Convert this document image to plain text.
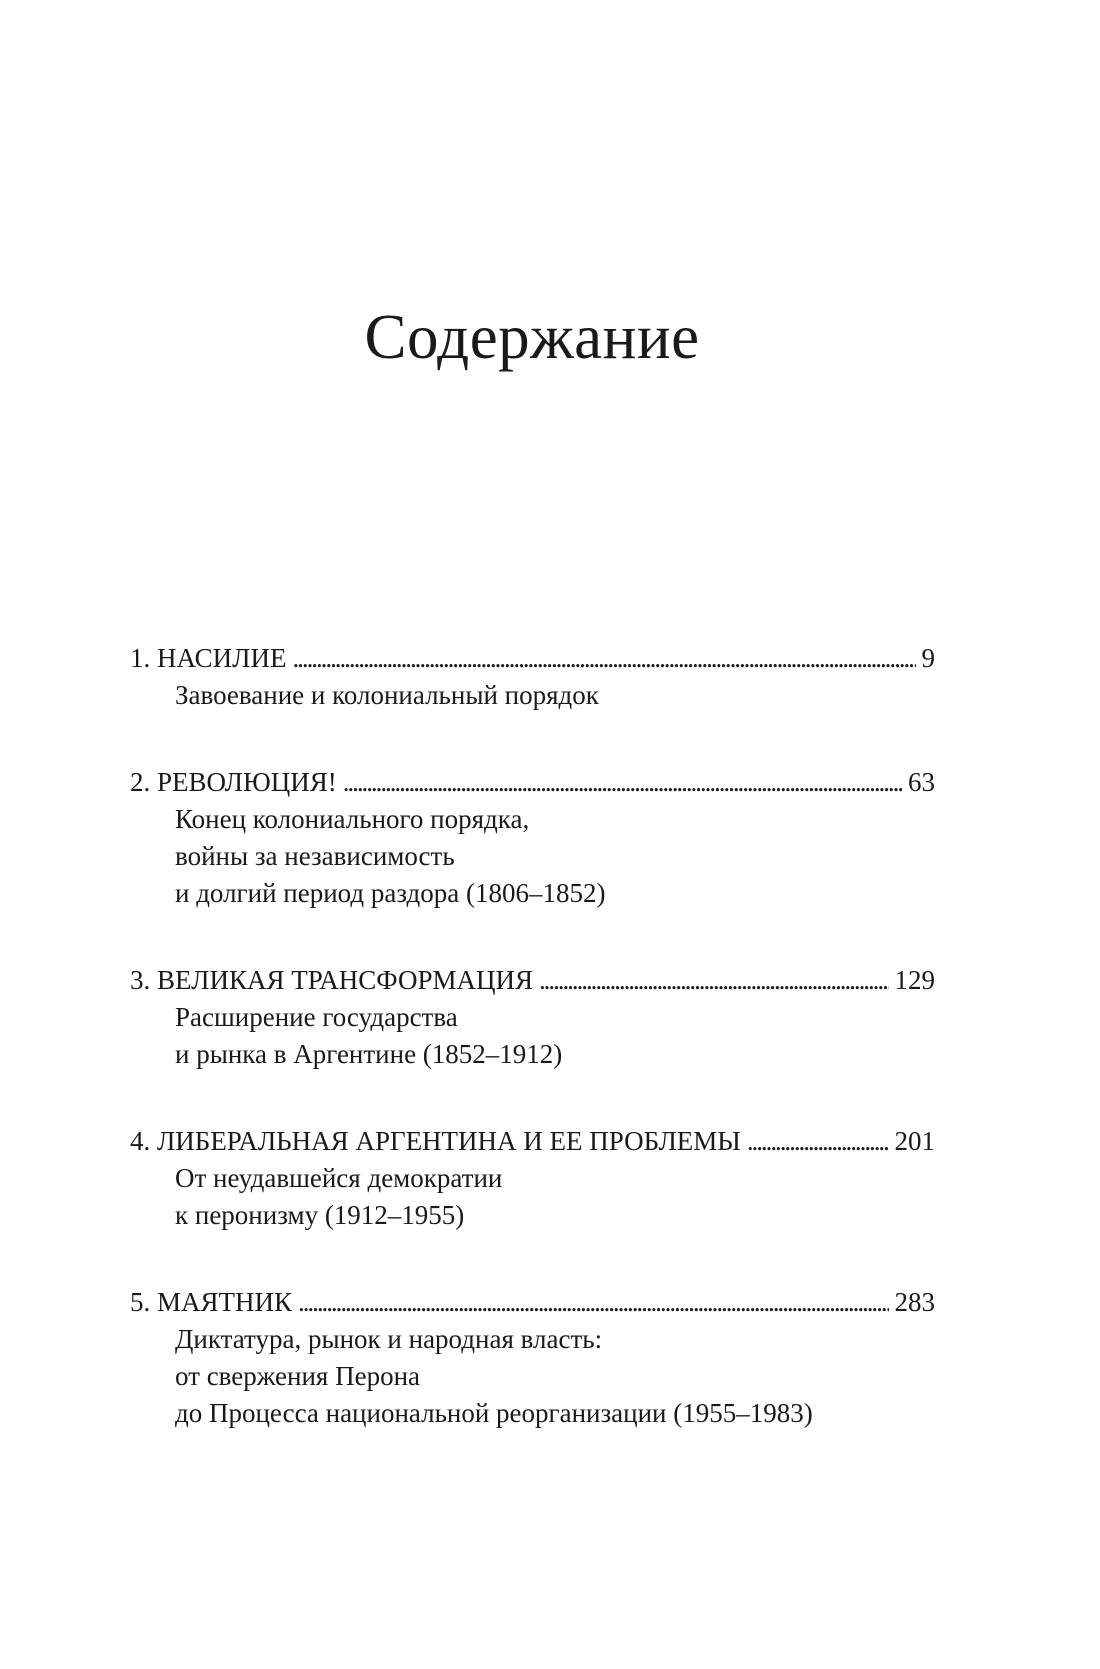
Содержание
1. НАСИЛИЕ . . .	9
Завоевание и колониальный порядок
2. РЕВОЛЮЦИЯ! . . .	63
Конец колониального порядка,
войны за независимость
и долгий период раздора (1806–1852)
3. ВЕЛИКАЯ ТРАНСФОРМАЦИЯ . . .	129
Расширение государства
и рынка в Аргентине (1852–1912)
4. ЛИБЕРАЛЬНАЯ АРГЕНТИНА И ЕЕ ПРОБЛЕМЫ . . .	201
От неудавшейся демократии
к перонизму (1912–1955)
5. МАЯТНИК . . .	283
Диктатура, рынок и народная власть:
от свержения Перона
до Процесса национальной реорганизации (1955–1983)
